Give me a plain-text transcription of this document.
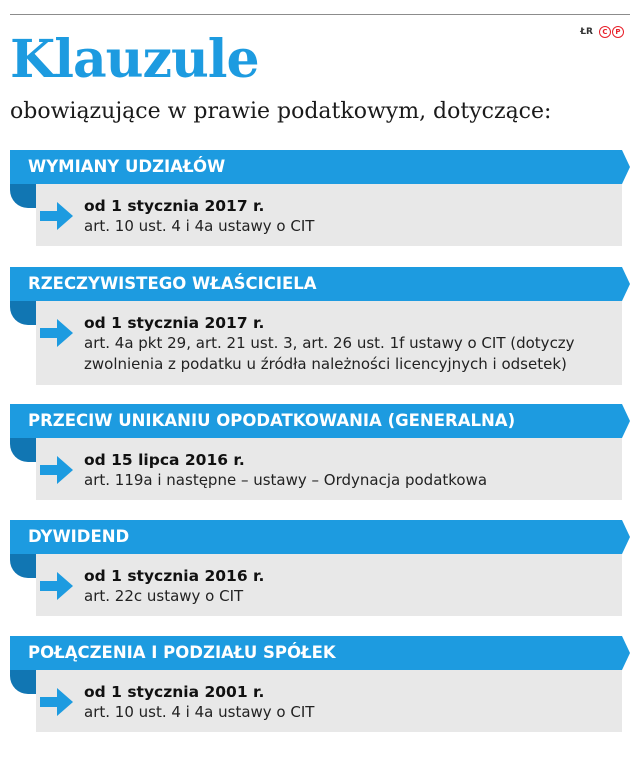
ŁR	C	P
Klauzule
obowiązujące w prawie podatkowym, dotyczące:
WYMIANY UDZIAŁÓW
od 1 stycznia 2017 r.
art. 10 ust. 4 i 4a ustawy o CIT
RZECZYWISTEGO WŁAŚCICIELA
od 1 stycznia 2017 r.
art. 4a pkt 29, art. 21 ust. 3, art. 26 ust. 1f ustawy o CIT (dotyczy zwolnienia z podatku u źródła należności licencyjnych i odsetek)
PRZECIW UNIKANIU OPODATKOWANIA (GENERALNA)
od 15 lipca 2016 r.
art. 119a i następne – ustawy – Ordynacja podatkowa
DYWIDEND
od 1 stycznia 2016 r.
art. 22c ustawy o CIT
POŁĄCZENIA I PODZIAŁU SPÓŁEK
od 1 stycznia 2001 r.
art. 10 ust. 4 i 4a ustawy o CIT
